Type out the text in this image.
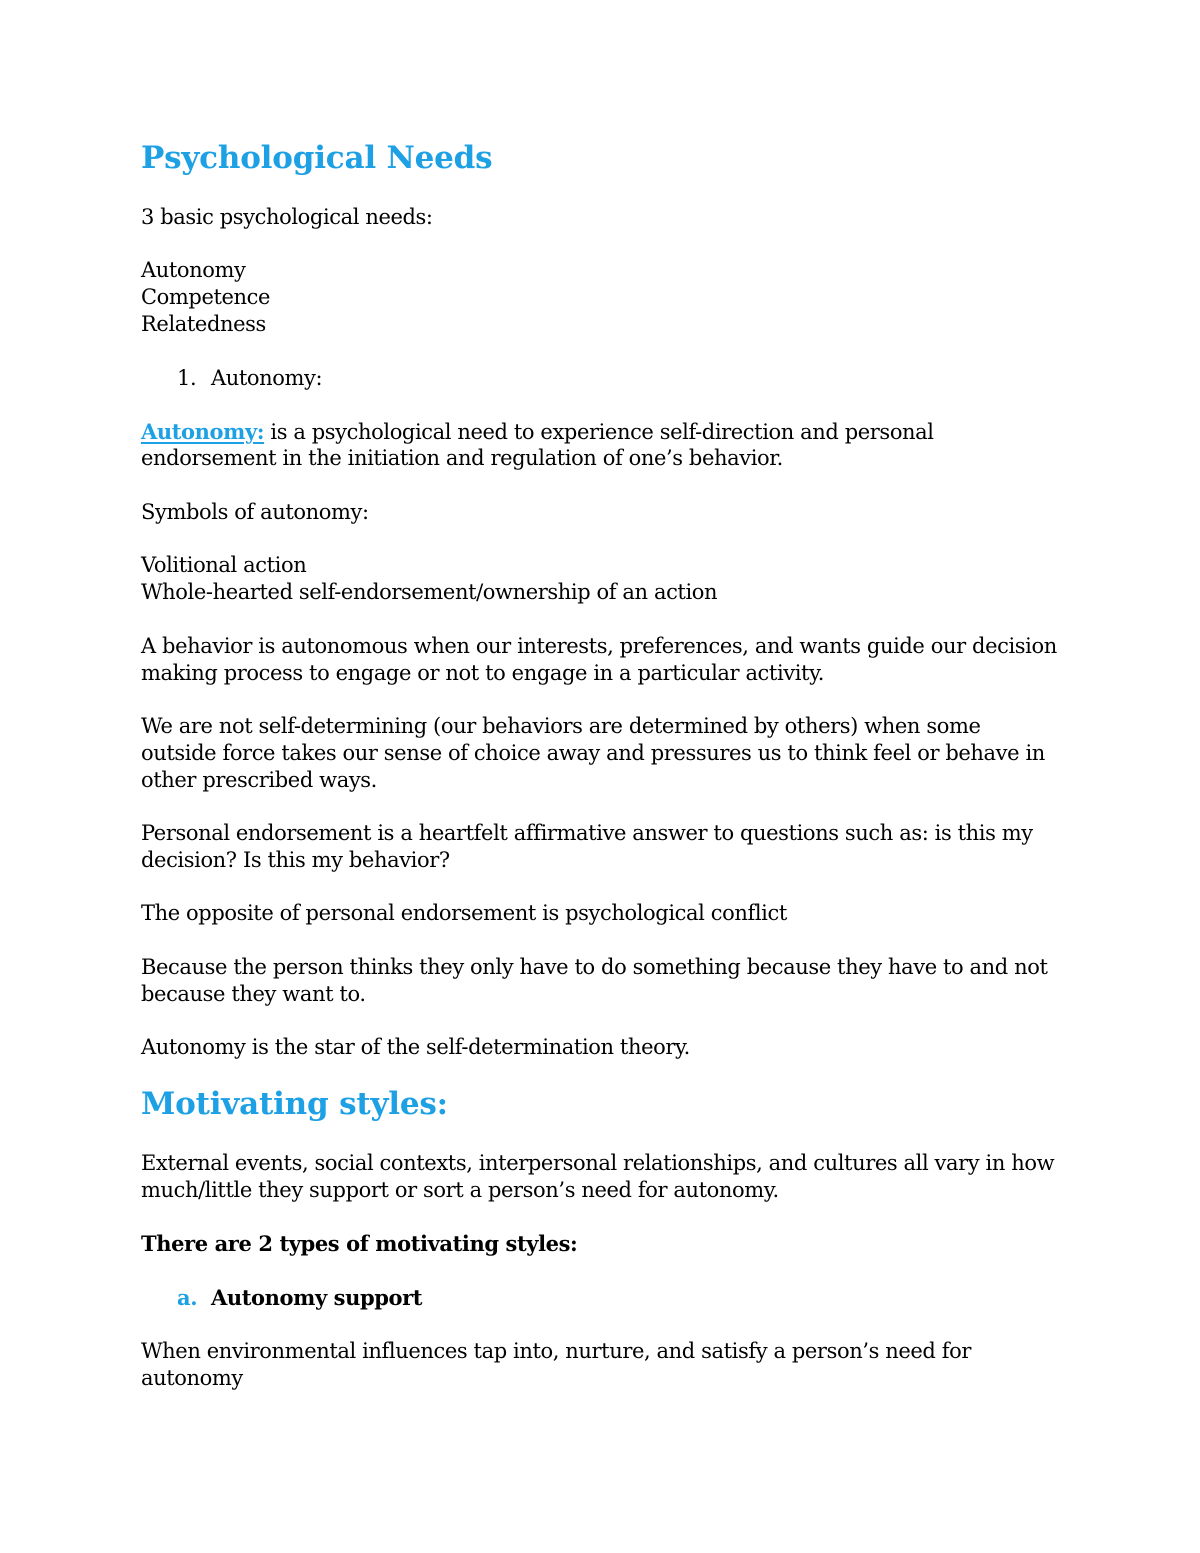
Psychological Needs
3 basic psychological needs:
Autonomy
Competence
Relatedness
1. Autonomy:
Autonomy: is a psychological need to experience self-direction and personal
endorsement in the initiation and regulation of one’s behavior.
Symbols of autonomy:
Volitional action
Whole-hearted self-endorsement/ownership of an action
A behavior is autonomous when our interests, preferences, and wants guide our decision
making process to engage or not to engage in a particular activity.
We are not self-determining (our behaviors are determined by others) when some
outside force takes our sense of choice away and pressures us to think feel or behave in
other prescribed ways.
Personal endorsement is a heartfelt affirmative answer to questions such as: is this my
decision? Is this my behavior?
The opposite of personal endorsement is psychological conflict
Because the person thinks they only have to do something because they have to and not
because they want to.
Autonomy is the star of the self-determination theory.
Motivating styles:
External events, social contexts, interpersonal relationships, and cultures all vary in how
much/little they support or sort a person’s need for autonomy.
There are 2 types of motivating styles:
a. Autonomy support
When environmental influences tap into, nurture, and satisfy a person’s need for
autonomy
